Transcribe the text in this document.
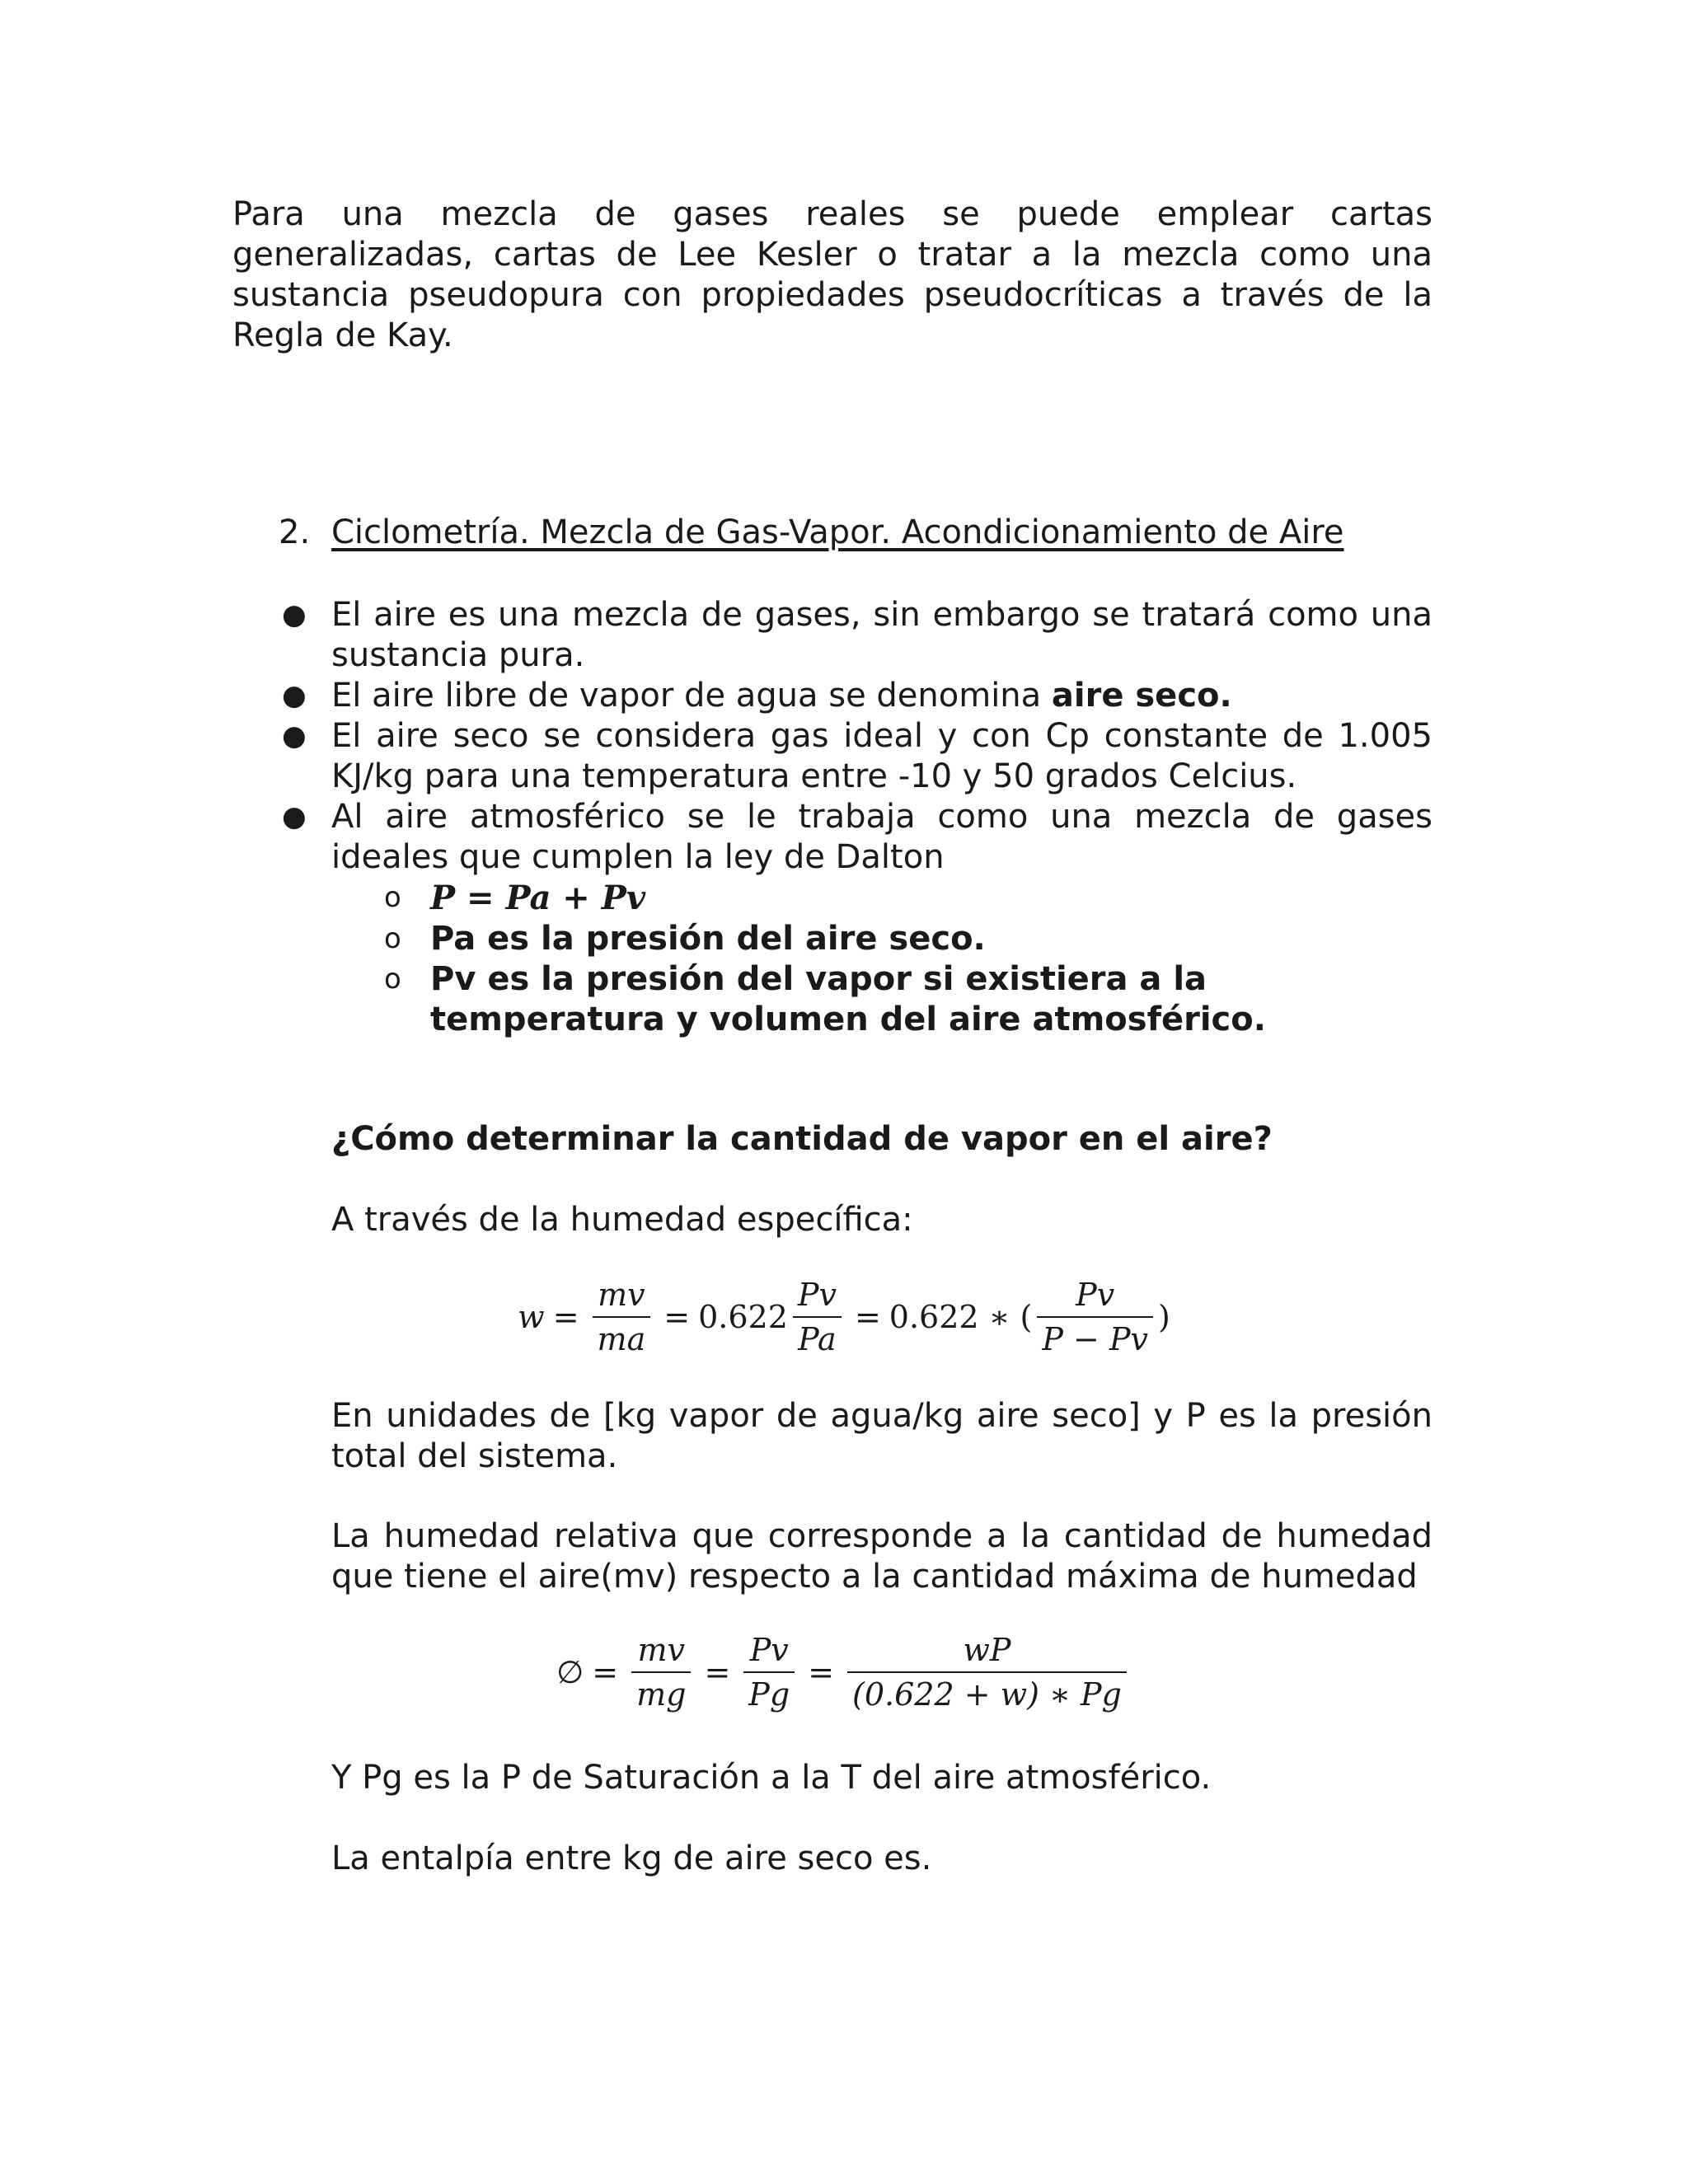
Para una mezcla de gases reales se puede emplear cartas generalizadas, cartas de Lee Kesler o tratar a la mezcla como una sustancia pseudopura con propiedades pseudocríticas a través de la Regla de Kay.

2. Ciclometría. Mezcla de Gas-Vapor. Acondicionamiento de Aire
● El aire es una mezcla de gases, sin embargo se tratará como una sustancia pura.
● El aire libre de vapor de agua se denomina aire seco.
● El aire seco se considera gas ideal y con Cp constante de 1.005 KJ/kg para una temperatura entre -10 y 50 grados Celcius.
● Al aire atmosférico se le trabaja como una mezcla de gases ideales que cumplen la ley de Dalton
o P = Pa + Pv
o Pa es la presión del aire seco.
o Pv es la presión del vapor si existiera a la temperatura y volumen del aire atmosférico.
¿Cómo determinar la cantidad de vapor en el aire?
A través de la humedad específica:
$w = \frac{mv}{ma} = 0.622 \frac{Pv}{Pa} = 0.622$ ∗ ( $\frac{Pv}{P - Pv}$ )
En unidades de [kg vapor de agua/kg aire seco] y P es la presión total del sistema.
La humedad relativa que corresponde a la cantidad de humedad que tiene el aire(mv) respecto a la cantidad máxima de humedad
∅ = $\frac{mv}{mg} = \frac{Pv}{Pg} = \frac{wP}{(0.622 + w) ∗ Pg}$
Y Pg es la P de Saturación a la T del aire atmosférico.
La entalpía entre kg de aire seco es.
